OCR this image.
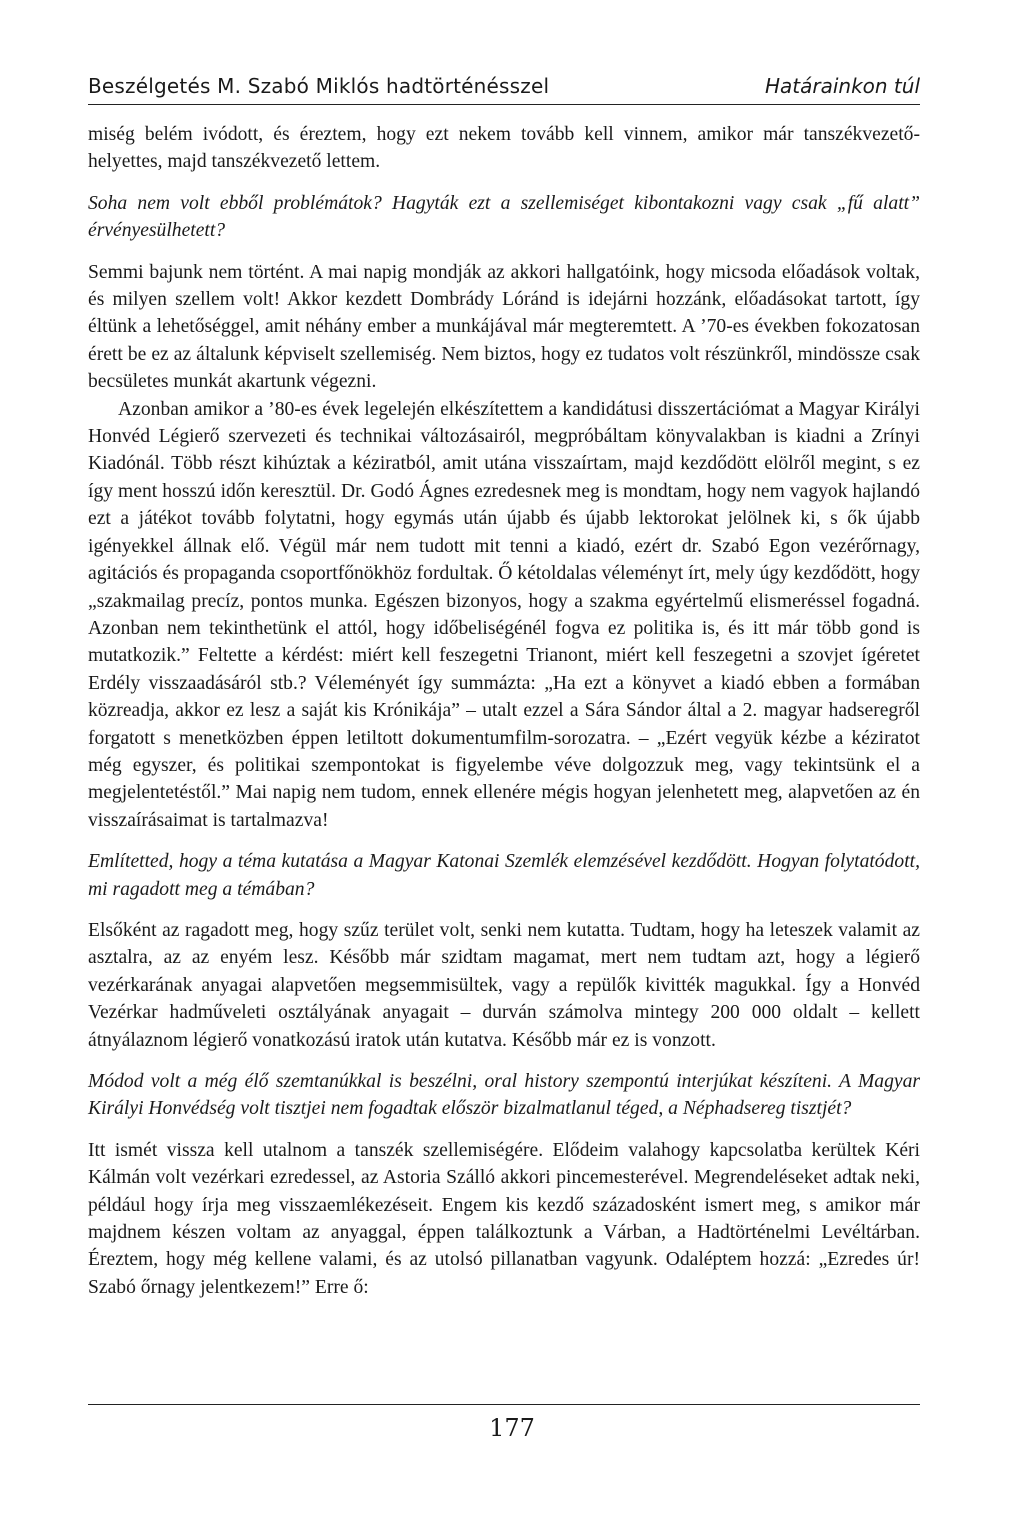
Beszélgetés M. Szabó Miklós hadtörténésszel	Határainkon túl

miség belém ivódott, és éreztem, hogy ezt nekem tovább kell vinnem, amikor már tanszékvezető-helyettes, majd tanszékvezető lettem.

Soha nem volt ebből problémátok? Hagyták ezt a szellemiséget kibontakozni vagy csak „fű alatt” érvényesülhetett?

Semmi bajunk nem történt. A mai napig mondják az akkori hallgatóink, hogy micsoda előadások voltak, és milyen szellem volt! Akkor kezdett Dombrády Lóránd is idejárni hozzánk, előadásokat tartott, így éltünk a lehetőséggel, amit néhány ember a munkájával már megteremtett. A ’70-es években fokozatosan érett be ez az általunk képviselt szellemiség. Nem biztos, hogy ez tudatos volt részünkről, mindössze csak becsületes munkát akartunk végezni.

Azonban amikor a ’80-es évek legelején elkészítettem a kandidátusi disszertációmat a Magyar Királyi Honvéd Légierő szervezeti és technikai változásairól, megpróbáltam könyvalakban is kiadni a Zrínyi Kiadónál. Több részt kihúztak a kéziratból, amit utána visszaírtam, majd kezdődött elölről megint, s ez így ment hosszú időn keresztül. Dr. Godó Ágnes ezredesnek meg is mondtam, hogy nem vagyok hajlandó ezt a játékot tovább folytatni, hogy egymás után újabb és újabb lektorokat jelölnek ki, s ők újabb igényekkel állnak elő. Végül már nem tudott mit tenni a kiadó, ezért dr. Szabó Egon vezérőrnagy, agitációs és propaganda csoportfőnökhöz fordultak. Ő kétoldalas véleményt írt, mely úgy kezdődött, hogy „szakmailag precíz, pontos munka. Egészen bizonyos, hogy a szakma egyértelmű elismeréssel fogadná. Azonban nem tekinthetünk el attól, hogy időbeliségénél fogva ez politika is, és itt már több gond is mutatkozik.” Feltette a kérdést: miért kell feszegetni Trianont, miért kell feszegetni a szovjet ígéretet Erdély visszaadásáról stb.? Véleményét így summázta: „Ha ezt a könyvet a kiadó ebben a formában közreadja, akkor ez lesz a saját kis Krónikája” – utalt ezzel a Sára Sándor által a 2. magyar hadseregről forgatott s menetközben éppen letiltott dokumentumfilm-sorozatra. – „Ezért vegyük kézbe a kéziratot még egyszer, és politikai szempontokat is figyelembe véve dolgozzuk meg, vagy tekintsünk el a megjelentetéstől.” Mai napig nem tudom, ennek ellenére mégis hogyan jelenhetett meg, alapvetően az én visszaírásaimat is tartalmazva!

Említetted, hogy a téma kutatása a Magyar Katonai Szemlék elemzésével kezdődött. Hogyan folytatódott, mi ragadott meg a témában?

Elsőként az ragadott meg, hogy szűz terület volt, senki nem kutatta. Tudtam, hogy ha leteszek valamit az asztalra, az az enyém lesz. Később már szidtam magamat, mert nem tudtam azt, hogy a légierő vezérkarának anyagai alapvetően megsemmisültek, vagy a repülők kivitték magukkal. Így a Honvéd Vezérkar hadműveleti osztályának anyagait – durván számolva mintegy 200 000 oldalt – kellett átnyálaznom légierő vonatkozású iratok után kutatva. Később már ez is vonzott.

Módod volt a még élő szemtanúkkal is beszélni, oral history szempontú interjúkat készíteni. A Magyar Királyi Honvédség volt tisztjei nem fogadtak először bizalmatlanul téged, a Néphadsereg tisztjét?

Itt ismét vissza kell utalnom a tanszék szellemiségére. Elődeim valahogy kapcsolatba kerültek Kéri Kálmán volt vezérkari ezredessel, az Astoria Szálló akkori pincemesterével. Megrendeléseket adtak neki, például hogy írja meg visszaemlékezéseit. Engem kis kezdő századosként ismert meg, s amikor már majdnem készen voltam az anyaggal, éppen találkoztunk a Várban, a Hadtörténelmi Levéltárban. Éreztem, hogy még kellene valami, és az utolsó pillanatban vagyunk. Odaléptem hozzá: „Ezredes úr! Szabó őrnagy jelentkezem!” Erre ő:

177
